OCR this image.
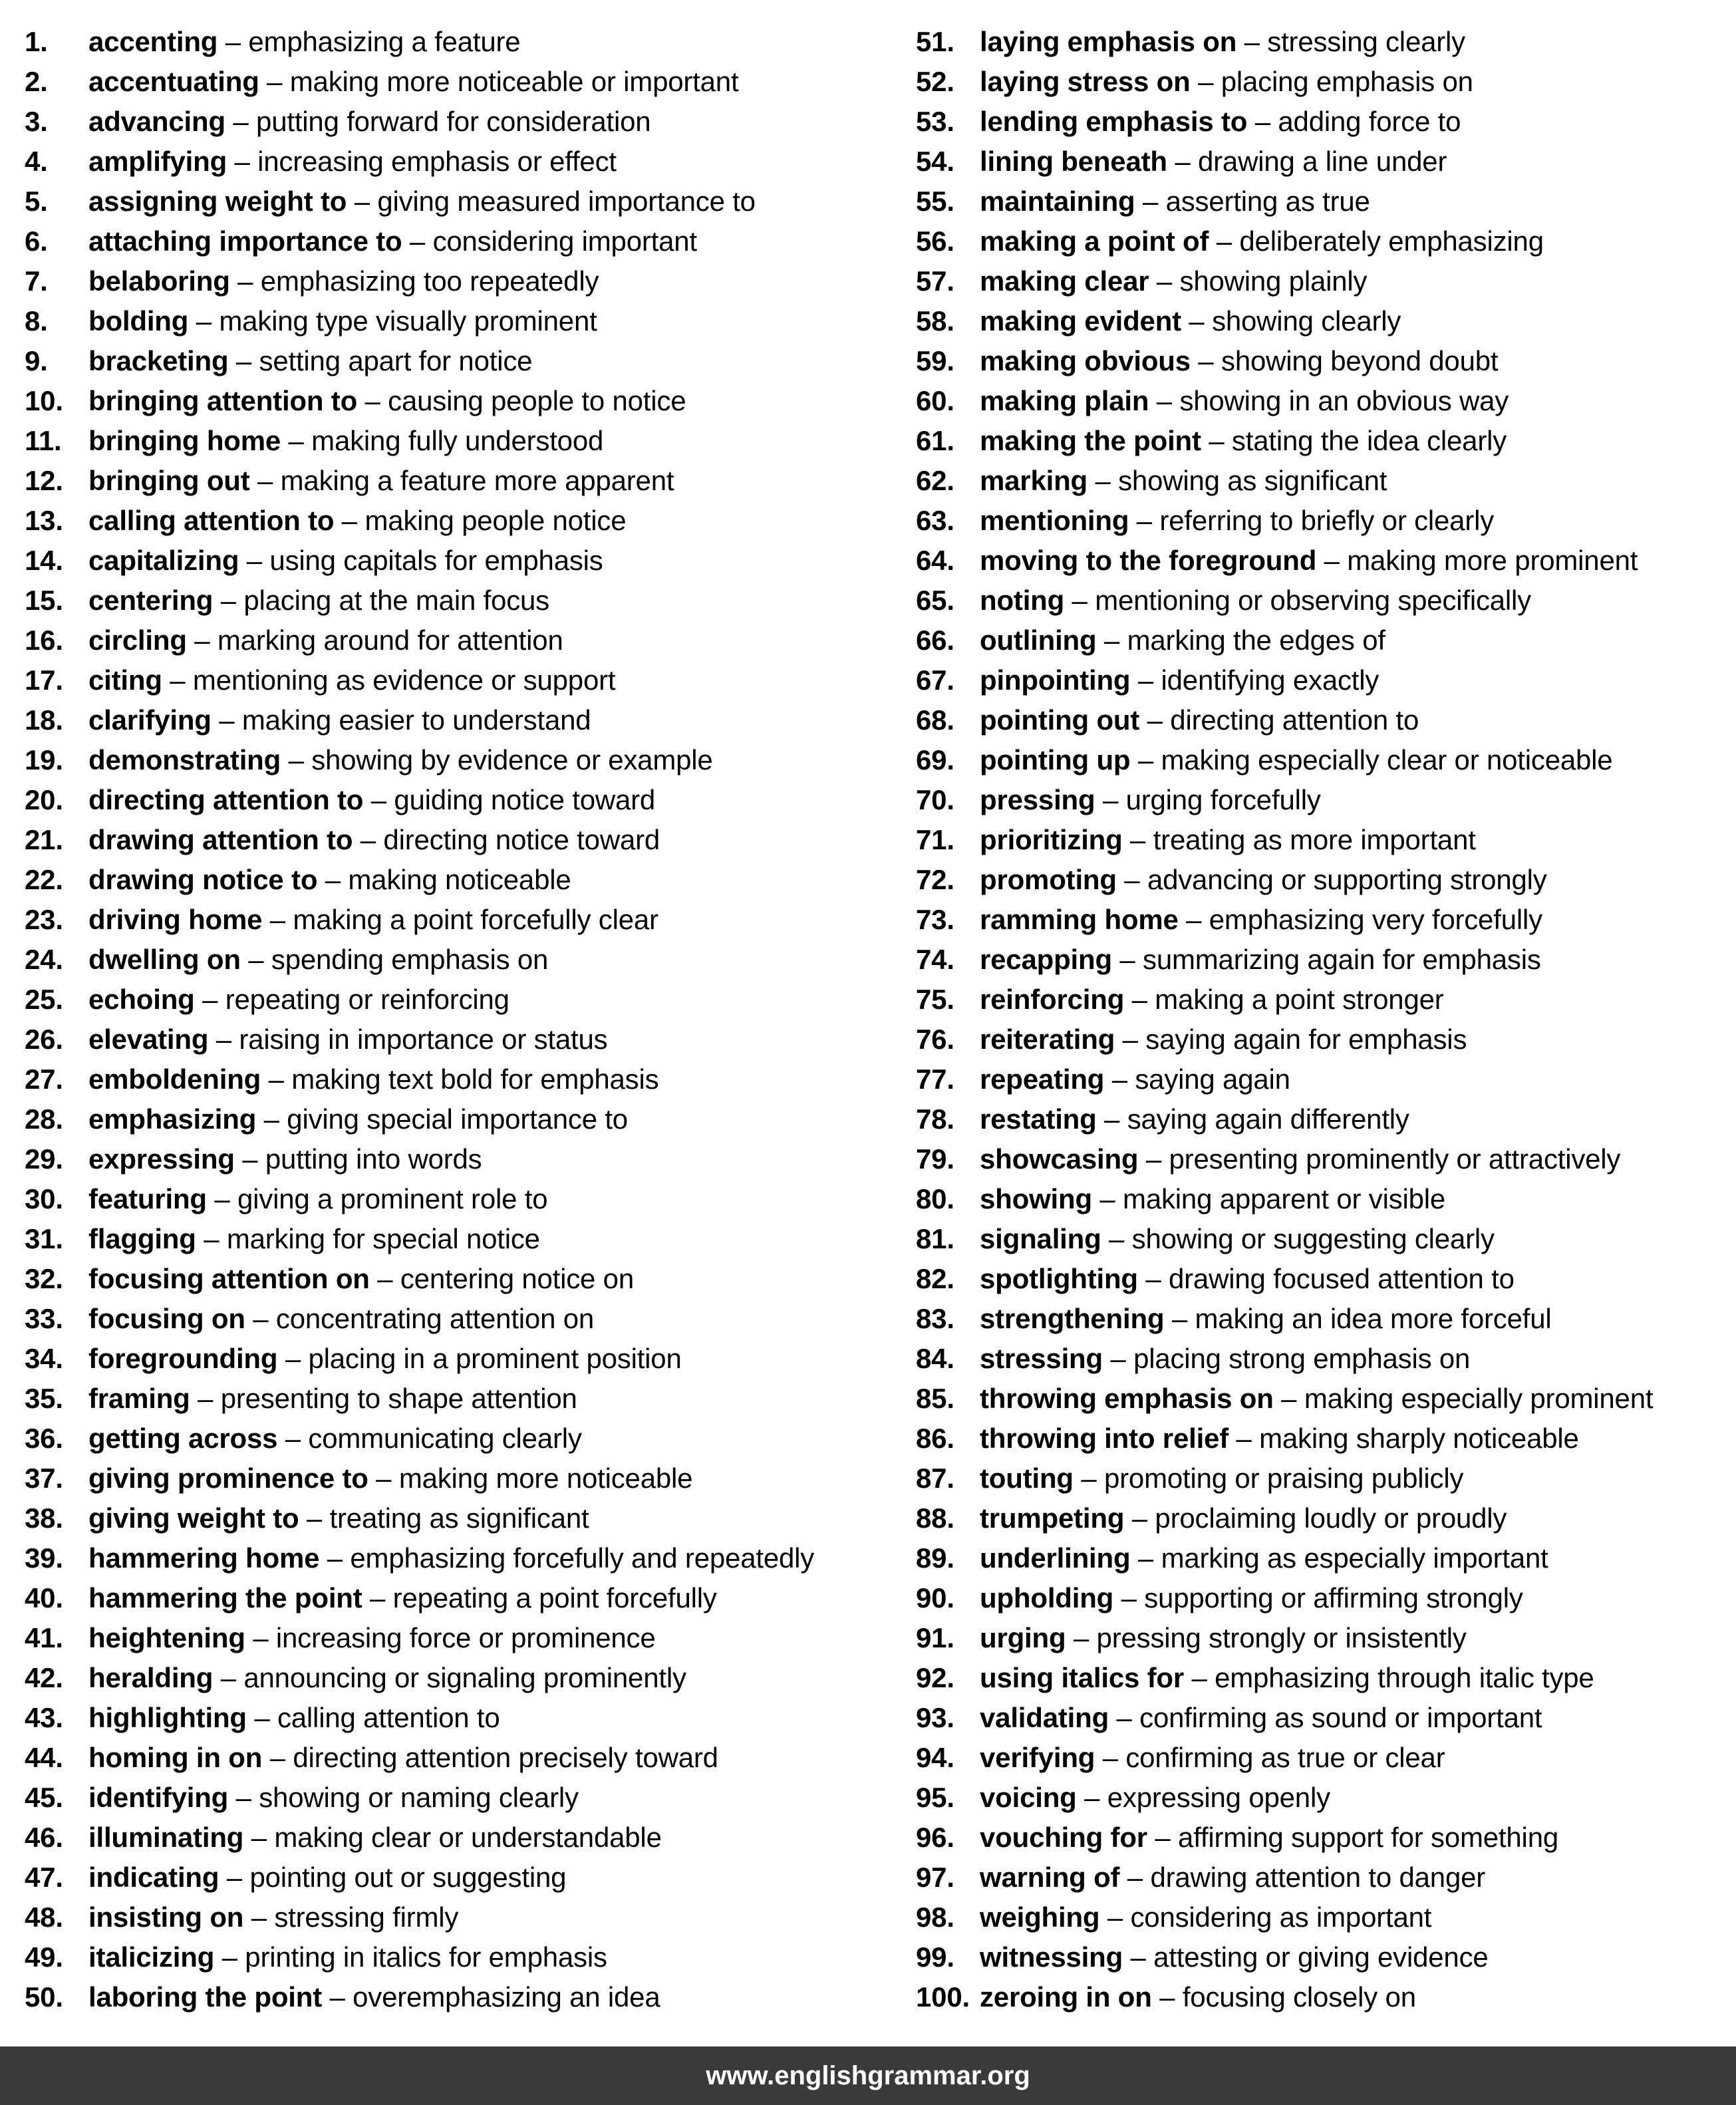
1. accenting – emphasizing a feature
2. accentuating – making more noticeable or important
3. advancing – putting forward for consideration
4. amplifying – increasing emphasis or effect
5. assigning weight to – giving measured importance to
6. attaching importance to – considering important
7. belaboring – emphasizing too repeatedly
8. bolding – making type visually prominent
9. bracketing – setting apart for notice
10. bringing attention to – causing people to notice
11. bringing home – making fully understood
12. bringing out – making a feature more apparent
13. calling attention to – making people notice
14. capitalizing – using capitals for emphasis
15. centering – placing at the main focus
16. circling – marking around for attention
17. citing – mentioning as evidence or support
18. clarifying – making easier to understand
19. demonstrating – showing by evidence or example
20. directing attention to – guiding notice toward
21. drawing attention to – directing notice toward
22. drawing notice to – making noticeable
23. driving home – making a point forcefully clear
24. dwelling on – spending emphasis on
25. echoing – repeating or reinforcing
26. elevating – raising in importance or status
27. emboldening – making text bold for emphasis
28. emphasizing – giving special importance to
29. expressing – putting into words
30. featuring – giving a prominent role to
31. flagging – marking for special notice
32. focusing attention on – centering notice on
33. focusing on – concentrating attention on
34. foregrounding – placing in a prominent position
35. framing – presenting to shape attention
36. getting across – communicating clearly
37. giving prominence to – making more noticeable
38. giving weight to – treating as significant
39. hammering home – emphasizing forcefully and repeatedly
40. hammering the point – repeating a point forcefully
41. heightening – increasing force or prominence
42. heralding – announcing or signaling prominently
43. highlighting – calling attention to
44. homing in on – directing attention precisely toward
45. identifying – showing or naming clearly
46. illuminating – making clear or understandable
47. indicating – pointing out or suggesting
48. insisting on – stressing firmly
49. italicizing – printing in italics for emphasis
50. laboring the point – overemphasizing an idea
51. laying emphasis on – stressing clearly
52. laying stress on – placing emphasis on
53. lending emphasis to – adding force to
54. lining beneath – drawing a line under
55. maintaining – asserting as true
56. making a point of – deliberately emphasizing
57. making clear – showing plainly
58. making evident – showing clearly
59. making obvious – showing beyond doubt
60. making plain – showing in an obvious way
61. making the point – stating the idea clearly
62. marking – showing as significant
63. mentioning – referring to briefly or clearly
64. moving to the foreground – making more prominent
65. noting – mentioning or observing specifically
66. outlining – marking the edges of
67. pinpointing – identifying exactly
68. pointing out – directing attention to
69. pointing up – making especially clear or noticeable
70. pressing – urging forcefully
71. prioritizing – treating as more important
72. promoting – advancing or supporting strongly
73. ramming home – emphasizing very forcefully
74. recapping – summarizing again for emphasis
75. reinforcing – making a point stronger
76. reiterating – saying again for emphasis
77. repeating – saying again
78. restating – saying again differently
79. showcasing – presenting prominently or attractively
80. showing – making apparent or visible
81. signaling – showing or suggesting clearly
82. spotlighting – drawing focused attention to
83. strengthening – making an idea more forceful
84. stressing – placing strong emphasis on
85. throwing emphasis on – making especially prominent
86. throwing into relief – making sharply noticeable
87. touting – promoting or praising publicly
88. trumpeting – proclaiming loudly or proudly
89. underlining – marking as especially important
90. upholding – supporting or affirming strongly
91. urging – pressing strongly or insistently
92. using italics for – emphasizing through italic type
93. validating – confirming as sound or important
94. verifying – confirming as true or clear
95. voicing – expressing openly
96. vouching for – affirming support for something
97. warning of – drawing attention to danger
98. weighing – considering as important
99. witnessing – attesting or giving evidence
100. zeroing in on – focusing closely on
www.englishgrammar.org
